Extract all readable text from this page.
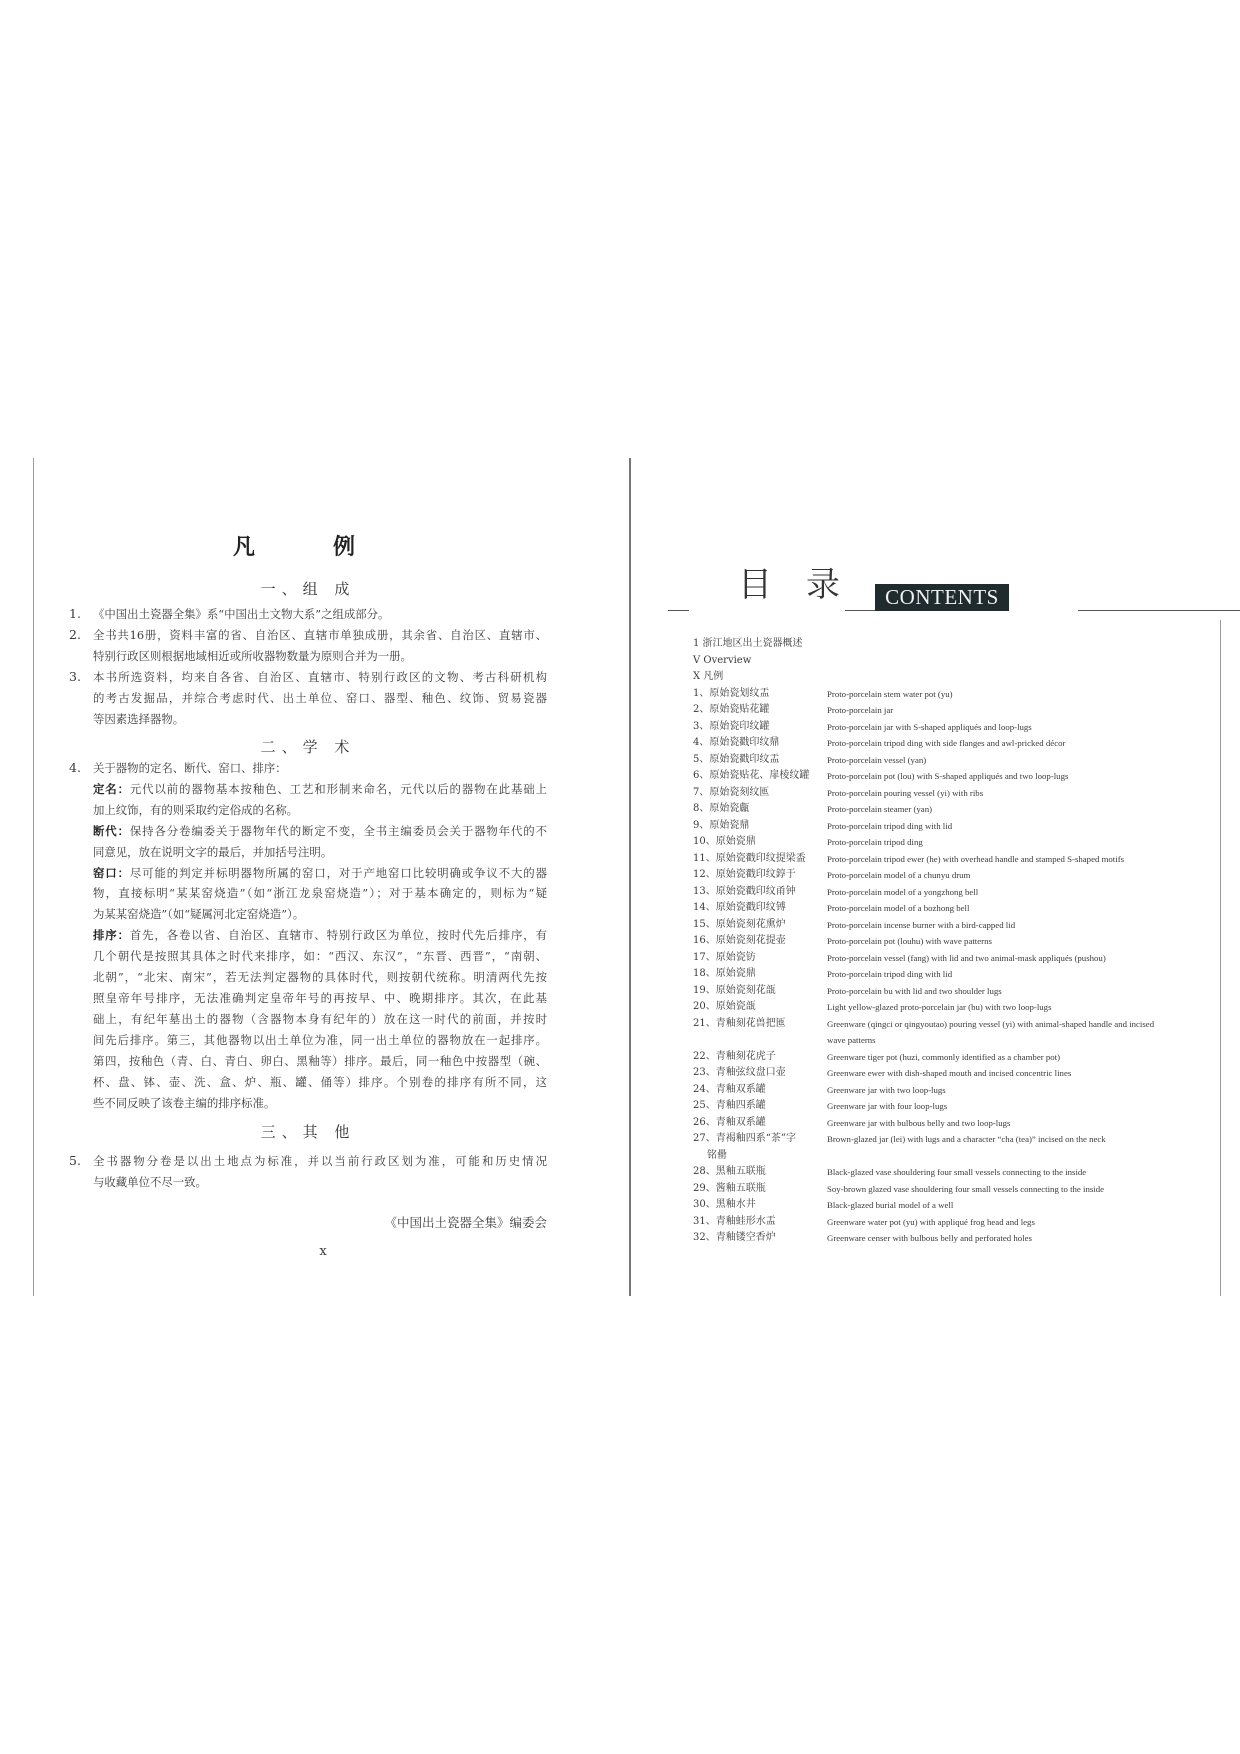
凡　例
一、组 成
1. 《中国出土瓷器全集》系“中国出土文物大系”之组成部分。
2. 全书共16册，资料丰富的省、自治区、直辖市单独成册，其余省、自治区、直辖市、
特别行政区则根据地域相近或所收器物数量为原则合并为一册。
3. 本书所选资料，均来自各省、自治区、直辖市、特别行政区的文物、考古科研机构
的考古发掘品，并综合考虑时代、出土单位、窑口、器型、釉色、纹饰、贸易瓷器
等因素选择器物。
二、学 术
4. 关于器物的定名、断代、窑口、排序：
定名：元代以前的器物基本按釉色、工艺和形制来命名，元代以后的器物在此基础上
加上纹饰，有的则采取约定俗成的名称。
断代：保持各分卷编委关于器物年代的断定不变，全书主编委员会关于器物年代的不
同意见，放在说明文字的最后，并加括号注明。
窑口：尽可能的判定并标明器物所属的窑口，对于产地窑口比较明确或争议不大的器
物，直接标明“某某窑烧造”（如“浙江龙泉窑烧造”）；对于基本确定的，则标为“疑
为某某窑烧造”（如“疑属河北定窑烧造”）。
排序：首先，各卷以省、自治区、直辖市、特别行政区为单位，按时代先后排序，有
几个朝代是按照其具体之时代来排序，如：“西汉、东汉”，“东晋、西晋”，“南朝、
北朝”，“北宋、南宋”，若无法判定器物的具体时代，则按朝代统称。明清两代先按
照皇帝年号排序，无法准确判定皇帝年号的再按早、中、晚期排序。其次，在此基
础上，有纪年墓出土的器物（含器物本身有纪年的）放在这一时代的前面，并按时
间先后排序。第三，其他器物以出土单位为准，同一出土单位的器物放在一起排序。
第四，按釉色（青、白、青白、卵白、黑釉等）排序。最后，同一釉色中按器型（碗、
杯、盘、钵、壶、洗、盒、炉、瓶、罐、俑等）排序。个别卷的排序有所不同，这
些不同反映了该卷主编的排序标准。
三、其 他
5. 全书器物分卷是以出土地点为标准，并以当前行政区划为准，可能和历史情况
与收藏单位不尽一致。
《中国出土瓷器全集》编委会
x
目　录	CONTENTS
1 浙江地区出土瓷器概述
V Overview
X 凡例
1、原始瓷划纹盂	Proto-porcelain stem water pot (yu)
2、原始瓷贴花罐	Proto-porcelain jar
3、原始瓷印纹罐	Proto-porcelain jar with S-shaped appliqués and loop-lugs
4、原始瓷戳印纹鼎	Proto-porcelain tripod ding with side flanges and awl-pricked décor
5、原始瓷戳印纹盂	Proto-porcelain vessel (yan)
6、原始瓷贴花、扉棱纹罐 Proto-porcelain pot (lou) with S-shaped appliqués and two loop-lugs
7、原始瓷刻纹匜	Proto-porcelain pouring vessel (yi) with ribs
8、原始瓷甗	Proto-porcelain steamer (yan)
9、原始瓷鼎	Proto-porcelain tripod ding with lid
10、原始瓷鼎	Proto-porcelain tripod ding
11、原始瓷戳印纹提梁盉 Proto-porcelain tripod ewer (he) with overhead handle and stamped S-shaped motifs
12、原始瓷戳印纹錞于	Proto-porcelain model of a chunyu drum
13、原始瓷戳印纹甬钟	Proto-porcelain model of a yongzhong bell
14、原始瓷戳印纹镈	Proto-porcelain model of a bozhong bell
15、原始瓷刻花熏炉	Proto-porcelain incense burner with a bird-capped lid
16、原始瓷刻花提壶	Proto-porcelain pot (louhu) with wave patterns
17、原始瓷钫	Proto-porcelain vessel (fang) with lid and two animal-mask appliqués (pushou)
18、原始瓷鼎	Proto-porcelain tripod ding with lid
19、原始瓷刻花瓿	Proto-porcelain bu with lid and two shoulder lugs
20、原始瓷瓿	Light yellow-glazed proto-porcelain jar (bu) with two loop-lugs
21、青釉刻花兽把匜	Greenware (qingci or qingyoutao) pouring vessel (yi) with animal-shaped handle and incised
wave patterns
22、青釉刻花虎子	Greenware tiger pot (huzi, commonly identified as a chamber pot)
23、青釉弦纹盘口壶	Greenware ewer with dish-shaped mouth and incised concentric lines
24、青釉双系罐	Greenware jar with two loop-lugs
25、青釉四系罐	Greenware jar with four loop-lugs
26、青釉双系罐	Greenware jar with bulbous belly and two loop-lugs
27、青褐釉四系“茶”字	Brown-glazed jar (lei) with lugs and a character “cha (tea)” incised on the neck
铭罍
28、黑釉五联瓶	Black-glazed vase shouldering four small vessels connecting to the inside
29、酱釉五联瓶	Soy-brown glazed vase shouldering four small vessels connecting to the inside
30、黑釉水井	Black-glazed burial model of a well
31、青釉蛙形水盂	Greenware water pot (yu) with appliqué frog head and legs
32、青釉镂空香炉	Greenware censer with bulbous belly and perforated holes
